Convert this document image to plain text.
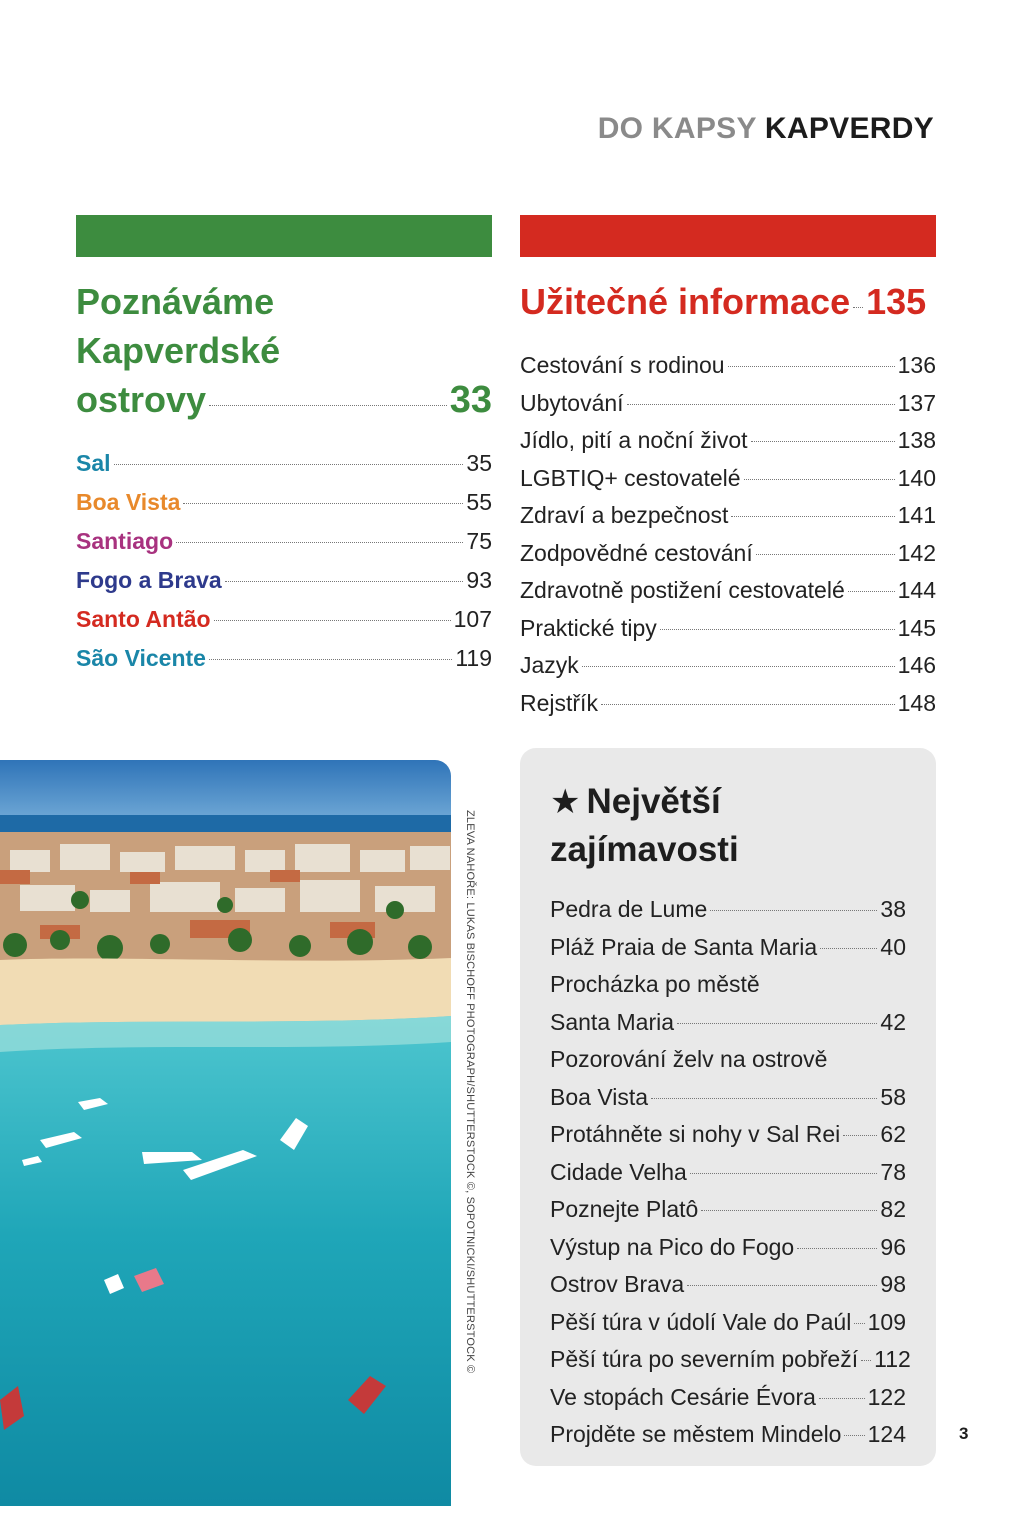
DO KAPSY KAPVERDY
Poznáváme
Kapverdské
ostrovy	33
Sal	35
Boa Vista	55
Santiago	75
Fogo a Brava	93
Santo Antão	107
São Vicente	119
Užitečné informace 135
Cestování s rodinou	136
Ubytování	137
Jídlo, pití a noční život	138
LGBTIQ+ cestovatelé	140
Zdraví a bezpečnost	141
Zodpovědné cestování	142
Zdravotně postižení cestovatelé 144
Praktické tipy	145
Jazyk	146
Rejstřík	148
ZLEVA NAHOŘE: LUKAS BISCHOFF PHOTOGRAPH/SHUTTERSTOCK ©, SOPOTNICKI/SHUTTERSTOCK ©
★ Největší
zajímavosti
Pedra de Lume	38
Pláž Praia de Santa Maria	40
Procházka po městě
Santa Maria	42
Pozorování želv na ostrově
Boa Vista	58
Protáhněte si nohy v Sal Rei 62
Cidade Velha	78
Poznejte Platô	82
Výstup na Pico do Fogo	96
Ostrov Brava	98
Pěší túra v údolí Vale do Paúl 109
Pěší túra po severním pobřeží 112
Ve stopách Cesárie Évora 122
Projděte se městem Mindelo 124	3
